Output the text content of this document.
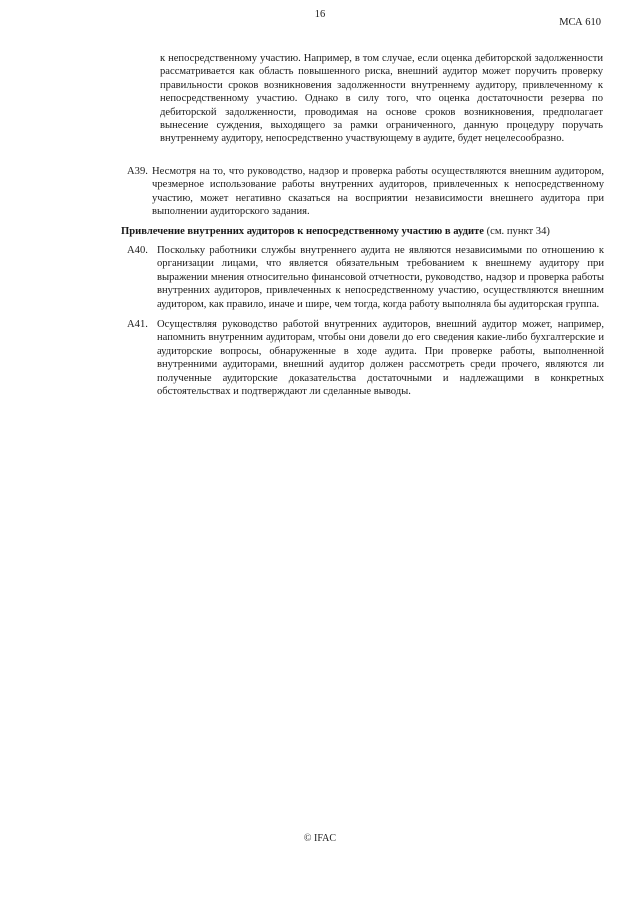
16
МСА 610

к непосредственному участию. Например, в том случае, если оценка дебиторской задолженности рассматривается как область повышенного риска, внешний аудитор может поручить проверку правильности сроков возникновения задолженности внутреннему аудитору, привлеченному к непосредственному участию. Однако в силу того, что оценка достаточности резерва по дебиторской задолженности, проводимая на основе сроков возникновения, предполагает вынесение суждения, выходящего за рамки ограниченного, данную процедуру поручать внутреннему аудитору, непосредственно участвующему в аудите, будет нецелесообразно.

A39. Несмотря на то, что руководство, надзор и проверка работы осуществляются внешним аудитором, чрезмерное использование работы внутренних аудиторов, привлеченных к непосредственному участию, может негативно сказаться на восприятии независимости внешнего аудитора при выполнении аудиторского задания.

Привлечение внутренних аудиторов к непосредственному участию в аудите (см. пункт 34)
A40. Поскольку работники службы внутреннего аудита не являются независимыми по отношению к организации лицами, что является обязательным требованием к внешнему аудитору при выражении мнения относительно финансовой отчетности, руководство, надзор и проверка работы внутренних аудиторов, привлеченных к непосредственному участию, осуществляются внешним аудитором, как правило, иначе и шире, чем тогда, когда работу выполняла бы аудиторская группа.

A41. Осуществляя руководство работой внутренних аудиторов, внешний аудитор может, например, напомнить внутренним аудиторам, чтобы они довели до его сведения какие-либо бухгалтерские и аудиторские вопросы, обнаруженные в ходе аудита. При проверке работы, выполненной внутренними аудиторами, внешний аудитор должен рассмотреть среди прочего, являются ли полученные аудиторские доказательства достаточными и надлежащими в конкретных обстоятельствах и подтверждают ли сделанные выводы.

© IFAC
